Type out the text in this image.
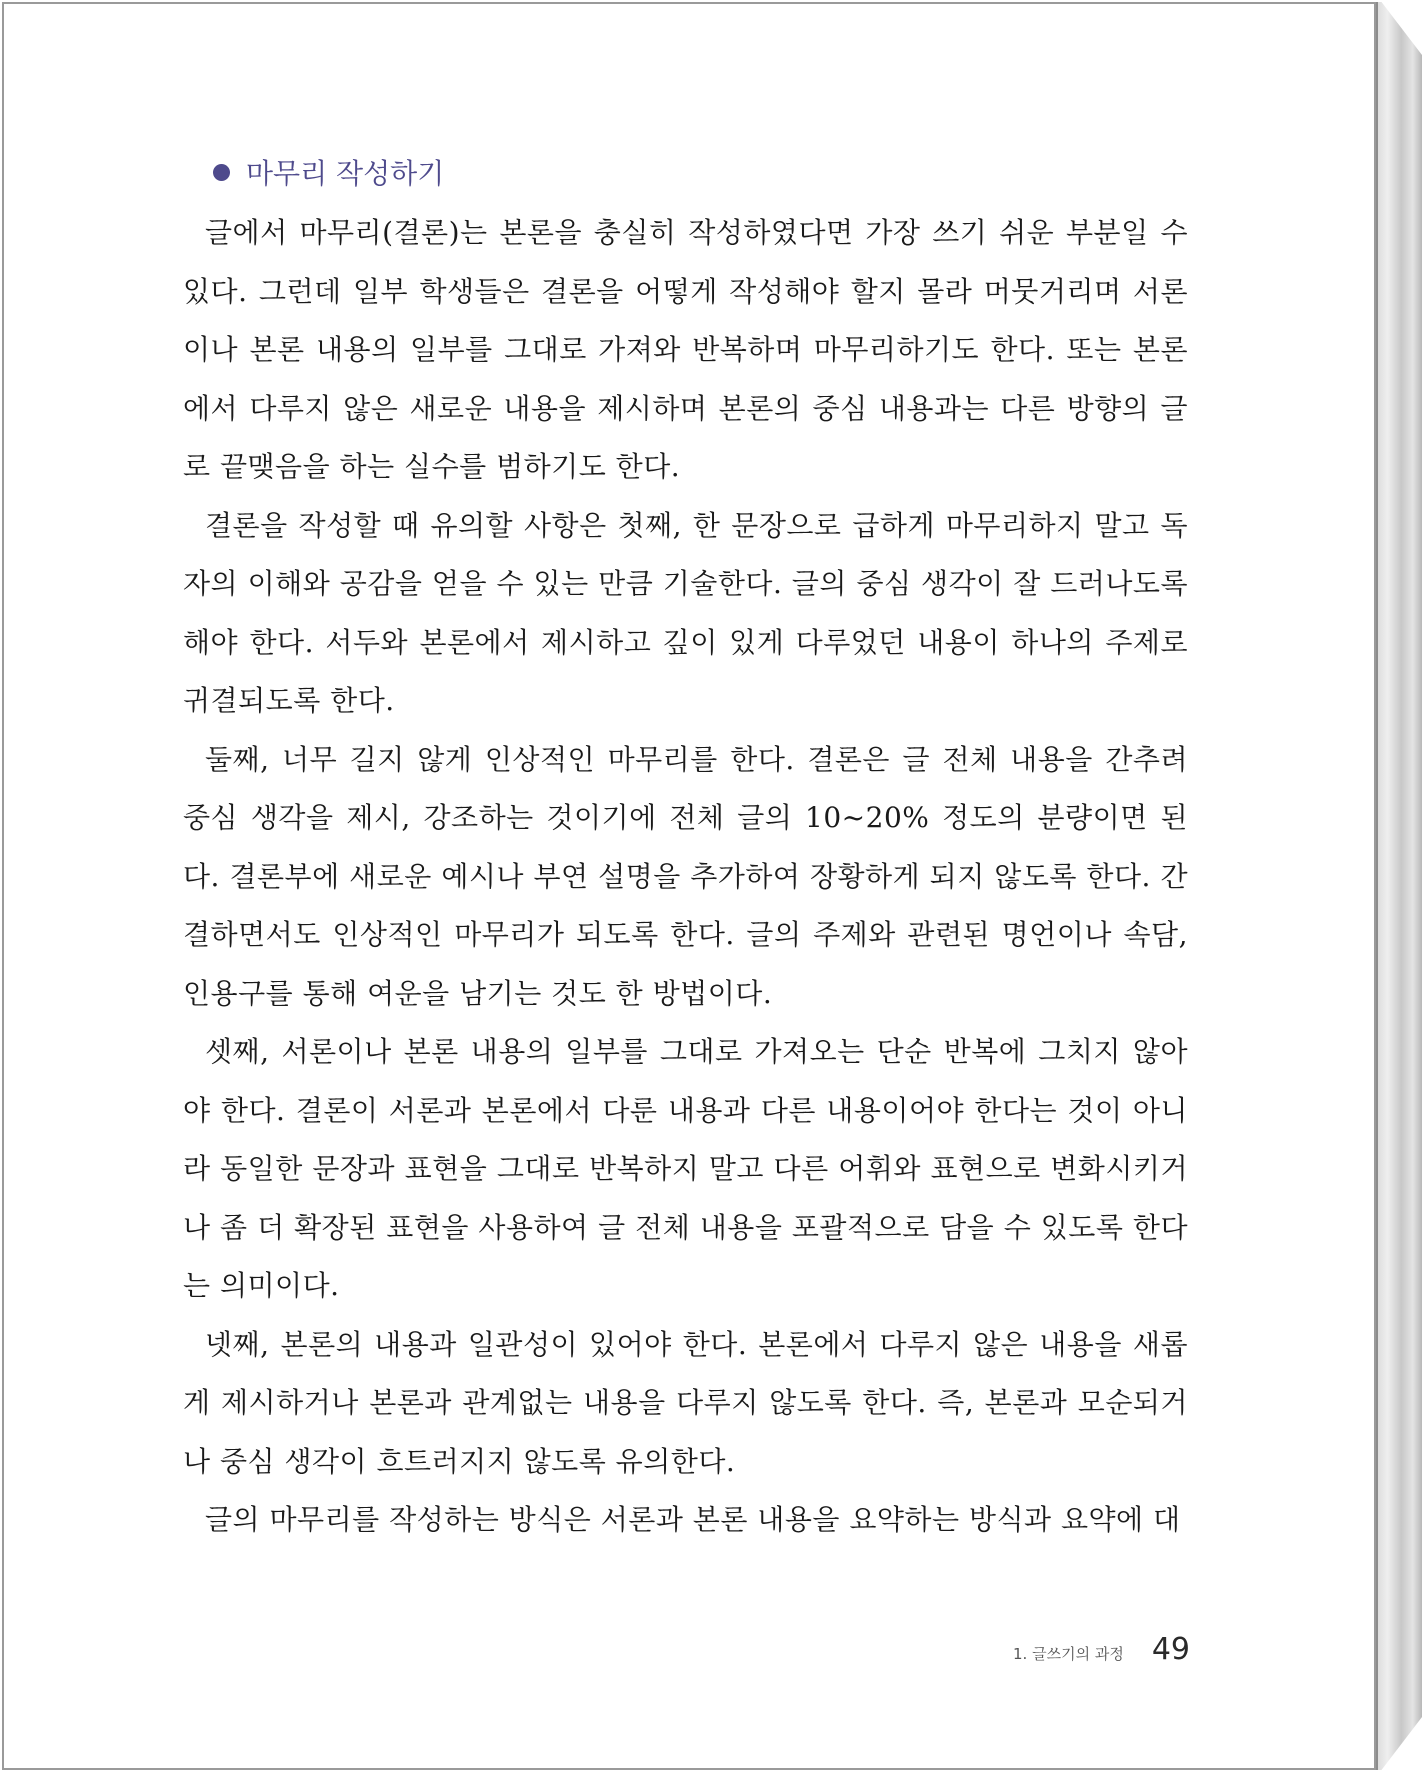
마무리 작성하기

글에서 마무리(결론)는 본론을 충실히 작성하였다면 가장 쓰기 쉬운 부분일 수 있다. 그런데 일부 학생들은 결론을 어떻게 작성해야 할지 몰라 머뭇거리며 서론이나 본론 내용의 일부를 그대로 가져와 반복하며 마무리하기도 한다. 또는 본론에서 다루지 않은 새로운 내용을 제시하며 본론의 중심 내용과는 다른 방향의 글로 끝맺음을 하는 실수를 범하기도 한다.

결론을 작성할 때 유의할 사항은 첫째, 한 문장으로 급하게 마무리하지 말고 독자의 이해와 공감을 얻을 수 있는 만큼 기술한다. 글의 중심 생각이 잘 드러나도록 해야 한다. 서두와 본론에서 제시하고 깊이 있게 다루었던 내용이 하나의 주제로 귀결되도록 한다.

둘째, 너무 길지 않게 인상적인 마무리를 한다. 결론은 글 전체 내용을 간추려 중심 생각을 제시, 강조하는 것이기에 전체 글의 10~20% 정도의 분량이면 된다. 결론부에 새로운 예시나 부연 설명을 추가하여 장황하게 되지 않도록 한다. 간결하면서도 인상적인 마무리가 되도록 한다. 글의 주제와 관련된 명언이나 속담, 인용구를 통해 여운을 남기는 것도 한 방법이다.

셋째, 서론이나 본론 내용의 일부를 그대로 가져오는 단순 반복에 그치지 않아야 한다. 결론이 서론과 본론에서 다룬 내용과 다른 내용이어야 한다는 것이 아니라 동일한 문장과 표현을 그대로 반복하지 말고 다른 어휘와 표현으로 변화시키거나 좀 더 확장된 표현을 사용하여 글 전체 내용을 포괄적으로 담을 수 있도록 한다는 의미이다.

넷째, 본론의 내용과 일관성이 있어야 한다. 본론에서 다루지 않은 내용을 새롭게 제시하거나 본론과 관계없는 내용을 다루지 않도록 한다. 즉, 본론과 모순되거나 중심 생각이 흐트러지지 않도록 유의한다.

글의 마무리를 작성하는 방식은 서론과 본론 내용을 요약하는 방식과 요약에 대

1. 글쓰기의 과정 49
